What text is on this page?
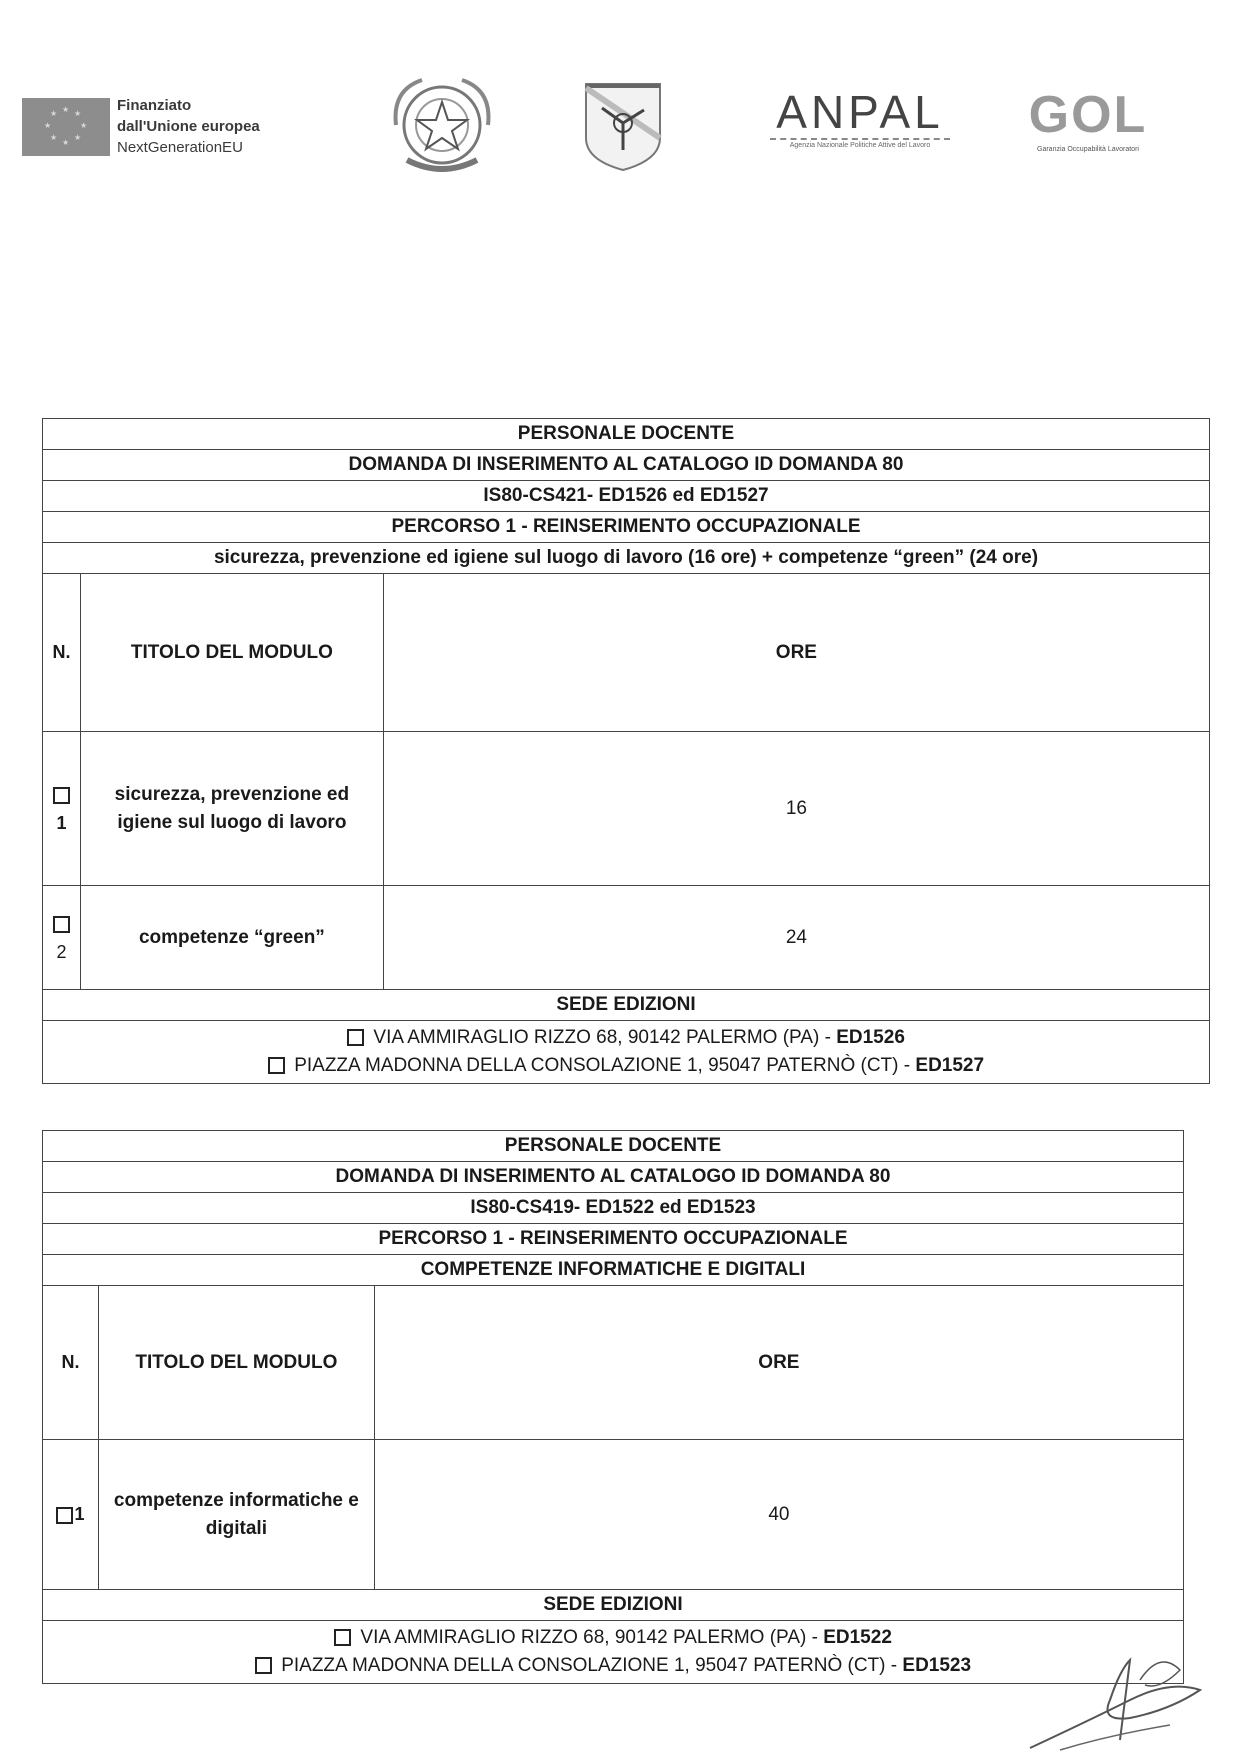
★ ★
★
★
★
★
★
★	Finanziato
dall'Unione europea
NextGenerationEU
ANPAL
Agenzia Nazionale Politiche Attive del Lavoro
GOL
Garanzia Occupabilità Lavoratori
PERSONALE DOCENTE		
DOMANDA DI INSERIMENTO AL CATALOGO ID DOMANDA 80		
IS80-CS421- ED1526 ed ED1527		
PERCORSO 1 - REINSERIMENTO OCCUPAZIONALE		
sicurezza, prevenzione ed igiene sul luogo di lavoro (16 ore) + competenze “green” (24 ore)		
N.	TITOLO DEL MODULO	ORE

1	sicurezza, prevenzione ed igiene sul luogo di lavoro	16

2	competenze “green”	24
SEDE EDIZIONI		

VIA AMMIRAGLIO RIZZO 68, 90142 PALERMO (PA) - ED1526
PIAZZA MADONNA DELLA CONSOLAZIONE 1, 95047 PATERNÒ (CT) - ED1527		
PERSONALE DOCENTE		
DOMANDA DI INSERIMENTO AL CATALOGO ID DOMANDA 80		
IS80-CS419- ED1522 ed ED1523		
PERCORSO 1 - REINSERIMENTO OCCUPAZIONALE		
COMPETENZE INFORMATICHE E DIGITALI		
N.	TITOLO DEL MODULO	ORE
1	competenze informatiche e digitali	40
SEDE EDIZIONI		

VIA AMMIRAGLIO RIZZO 68, 90142 PALERMO (PA) - ED1522
PIAZZA MADONNA DELLA CONSOLAZIONE 1, 95047 PATERNÒ (CT) - ED1523		
